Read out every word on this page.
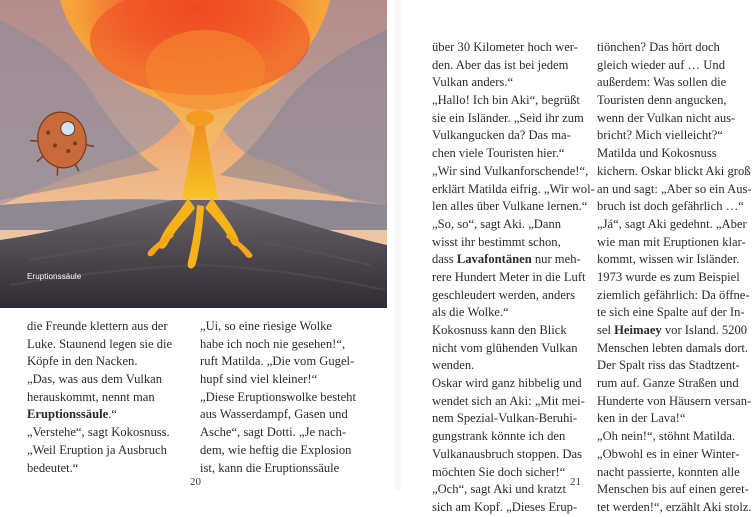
Eruptionssäule
die Freunde klettern aus der
Luke. Staunend legen sie die
Köpfe in den Nacken.
„Das, was aus dem Vulkan
herauskommt, nennt man
Eruptionssäule.“
„Verstehe“, sagt Kokosnuss.
„Weil Eruption ja Ausbruch
bedeutet.“
„Ui, so eine riesige Wolke
habe ich noch nie gesehen!“,
ruft Matilda. „Die vom Gugel-
hupf sind viel kleiner!“
„Diese Eruptionswolke besteht
aus Wasserdampf, Gasen und
Asche“, sagt Dotti. „Je nach-
dem, wie heftig die Explosion
ist, kann die Eruptionssäule
20
über 30 Kilometer hoch wer-
den. Aber das ist bei jedem
Vulkan anders.“
„Hallo! Ich bin Aki“, begrüßt
sie ein Isländer. „Seid ihr zum
Vulkangucken da? Das ma-
chen viele Touristen hier.“
„Wir sind Vulkanforschende!“,
erklärt Matilda eifrig. „Wir wol-
len alles über Vulkane lernen.“
„So, so“, sagt Aki. „Dann
wisst ihr bestimmt schon,
dass Lavafontänen nur meh-
rere Hundert Meter in die Luft
geschleudert werden, anders
als die Wolke.“
Kokosnuss kann den Blick
nicht vom glühenden Vulkan
wenden.
Oskar wird ganz hibbelig und
wendet sich an Aki: „Mit mei-
nem Spezial-Vulkan-Beruhi-
gungstrank könnte ich den
Vulkanausbruch stoppen. Das
möchten Sie doch sicher!“
„Och“, sagt Aki und kratzt
sich am Kopf. „Dieses Erup-
tiönchen? Das hört doch
gleich wieder auf … Und
außerdem: Was sollen die
Touristen denn angucken,
wenn der Vulkan nicht aus-
bricht? Mich vielleicht?“
Matilda und Kokosnuss
kichern. Oskar blickt Aki groß
an und sagt: „Aber so ein Aus-
bruch ist doch gefährlich …“
„Já“, sagt Aki gedehnt. „Aber
wie man mit Eruptionen klar-
kommt, wissen wir Isländer.
1973 wurde es zum Beispiel
ziemlich gefährlich: Da öffne-
te sich eine Spalte auf der In-
sel Heimaey vor Island. 5200
Menschen lebten damals dort.
Der Spalt riss das Stadtzent-
rum auf. Ganze Straßen und
Hunderte von Häusern versan-
ken in der Lava!“
„Oh nein!“, stöhnt Matilda.
„Obwohl es in einer Winter-
nacht passierte, konnten alle
Menschen bis auf einen geret-
tet werden!“, erzählt Aki stolz.
21
